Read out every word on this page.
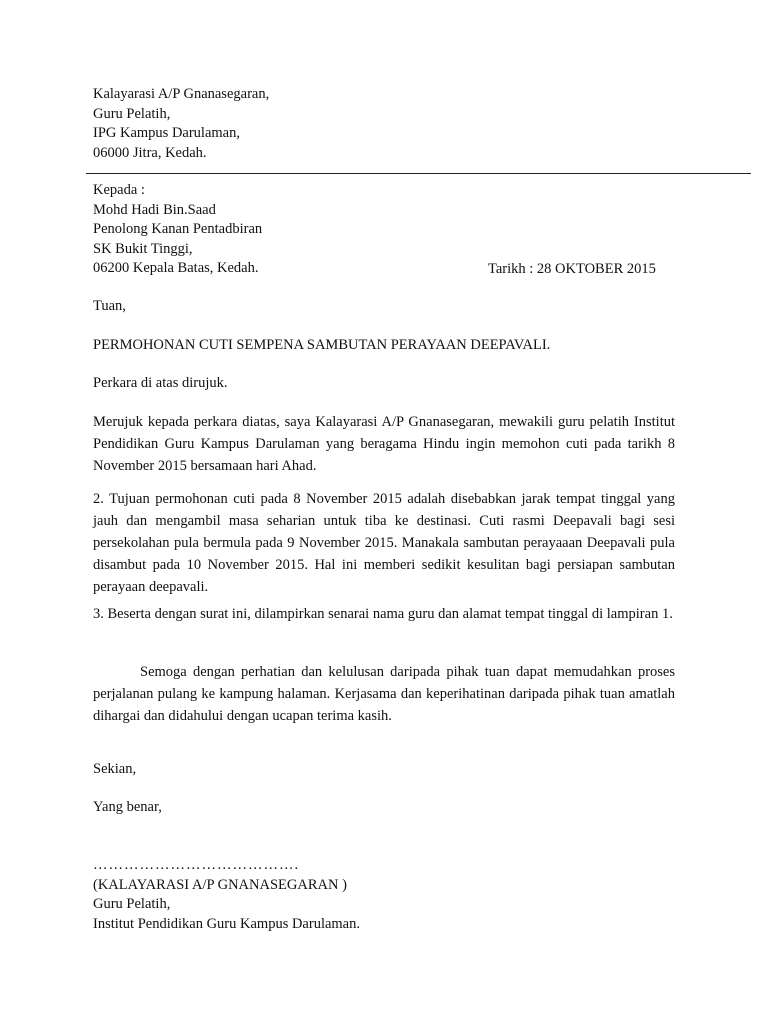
Kalayarasi A/P Gnanasegaran,
Guru Pelatih,
IPG Kampus Darulaman,
06000 Jitra, Kedah.
Kepada :
Mohd Hadi Bin.Saad
Penolong Kanan Pentadbiran
SK Bukit Tinggi,
06200 Kepala Batas, Kedah.	Tarikh : 28 OKTOBER 2015
Tuan,
PERMOHONAN CUTI SEMPENA SAMBUTAN PERAYAAN DEEPAVALI.
Perkara di atas dirujuk.
Merujuk kepada perkara diatas, saya Kalayarasi A/P Gnanasegaran, mewakili guru pelatih Institut Pendidikan Guru Kampus Darulaman yang beragama Hindu ingin memohon cuti pada tarikh 8 November 2015 bersamaan hari Ahad.
2. Tujuan permohonan cuti pada 8 November 2015 adalah disebabkan jarak tempat tinggal yang jauh dan mengambil masa seharian untuk tiba ke destinasi. Cuti rasmi Deepavali bagi sesi persekolahan pula bermula pada 9 November 2015. Manakala sambutan perayaaan Deepavali pula disambut pada 10 November 2015. Hal ini memberi sedikit kesulitan bagi persiapan sambutan perayaan deepavali.
3. Beserta dengan surat ini, dilampirkan senarai nama guru dan alamat tempat tinggal di lampiran 1.
Semoga dengan perhatian dan kelulusan daripada pihak tuan dapat memudahkan proses perjalanan pulang ke kampung halaman. Kerjasama dan keperihatinan daripada pihak tuan amatlah dihargai dan didahului dengan ucapan terima kasih.
Sekian,
Yang benar,
………………………………….
(KALAYARASI A/P GNANASEGARAN )
Guru Pelatih,
Institut Pendidikan Guru Kampus Darulaman.
